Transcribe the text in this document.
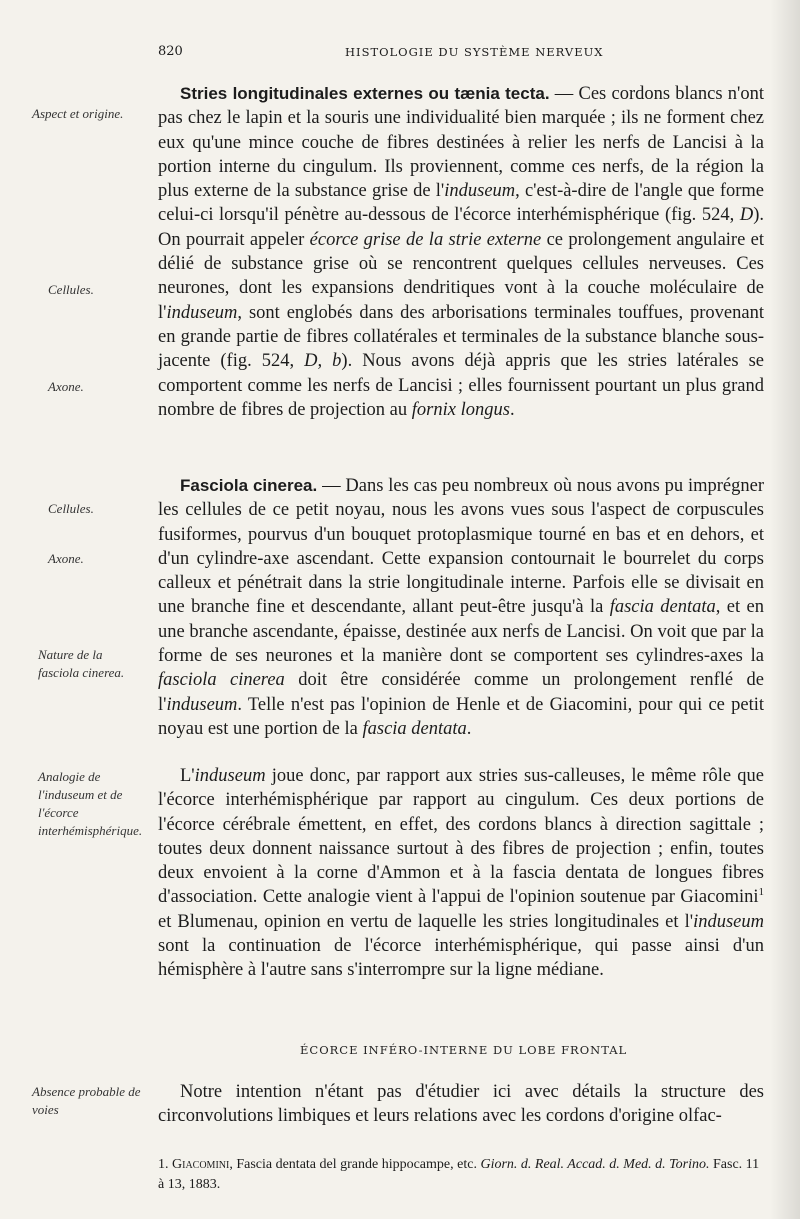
820	HISTOLOGIE DU SYSTÈME NERVEUX
Aspect et origine.
Cellules.
Axone.
Cellules.
Axone.
Nature de la fasciola cinerea.
Analogie de l'induseum et de l'écorce interhémisphérique.
Absence probable de voies

Stries longitudinales externes ou tænia tecta. — Ces cordons blancs n'ont pas chez le lapin et la souris une individualité bien marquée ; ils ne forment chez eux qu'une mince couche de fibres destinées à relier les nerfs de Lancisi à la portion interne du cingulum. Ils proviennent, comme ces nerfs, de la région la plus externe de la substance grise de l'induseum, c'est-à-dire de l'angle que forme celui-ci lorsqu'il pénètre au-dessous de l'écorce interhémisphérique (fig. 524, D). On pourrait appeler écorce grise de la strie externe ce prolongement angulaire et délié de substance grise où se rencontrent quelques cellules nerveuses. Ces neurones, dont les expansions dendritiques vont à la couche moléculaire de l'induseum, sont englobés dans des arborisations terminales touffues, provenant en grande partie de fibres collatérales et terminales de la substance blanche sous-jacente (fig. 524, D, b). Nous avons déjà appris que les stries latérales se comportent comme les nerfs de Lancisi ; elles fournissent pourtant un plus grand nombre de fibres de projection au fornix longus.

Fasciola cinerea. — Dans les cas peu nombreux où nous avons pu imprégner les cellules de ce petit noyau, nous les avons vues sous l'aspect de corpuscules fusiformes, pourvus d'un bouquet protoplasmique tourné en bas et en dehors, et d'un cylindre-axe ascendant. Cette expansion contournait le bourrelet du corps calleux et pénétrait dans la strie longitudinale interne. Parfois elle se divisait en une branche fine et descendante, allant peut-être jusqu'à la fascia dentata, et en une branche ascendante, épaisse, destinée aux nerfs de Lancisi. On voit que par la forme de ses neurones et la manière dont se comportent ses cylindres-axes la fasciola cinerea doit être considérée comme un prolongement renflé de l'induseum. Telle n'est pas l'opinion de Henle et de Giacomini, pour qui ce petit noyau est une portion de la fascia dentata.

L'induseum joue donc, par rapport aux stries sus-calleuses, le même rôle que l'écorce interhémisphérique par rapport au cingulum. Ces deux portions de l'écorce cérébrale émettent, en effet, des cordons blancs à direction sagittale ; toutes deux donnent naissance surtout à des fibres de projection ; enfin, toutes deux envoient à la corne d'Ammon et à la fascia dentata de longues fibres d'association. Cette analogie vient à l'appui de l'opinion soutenue par Giacomini$^1$ et Blumenau, opinion en vertu de laquelle les stries longitudinales et l'induseum sont la continuation de l'écorce interhémisphérique, qui passe ainsi d'un hémisphère à l'autre sans s'interrompre sur la ligne médiane.

ÉCORCE INFÉRO-INTERNE DU LOBE FRONTAL

Notre intention n'étant pas d'étudier ici avec détails la structure des circonvolutions limbiques et leurs relations avec les cordons d'origine olfac-

1. Giacomini, Fascia dentata del grande hippocampe, etc. Giorn. d. Real. Accad. d. Med. d. Torino. Fasc. 11 à 13, 1883.
